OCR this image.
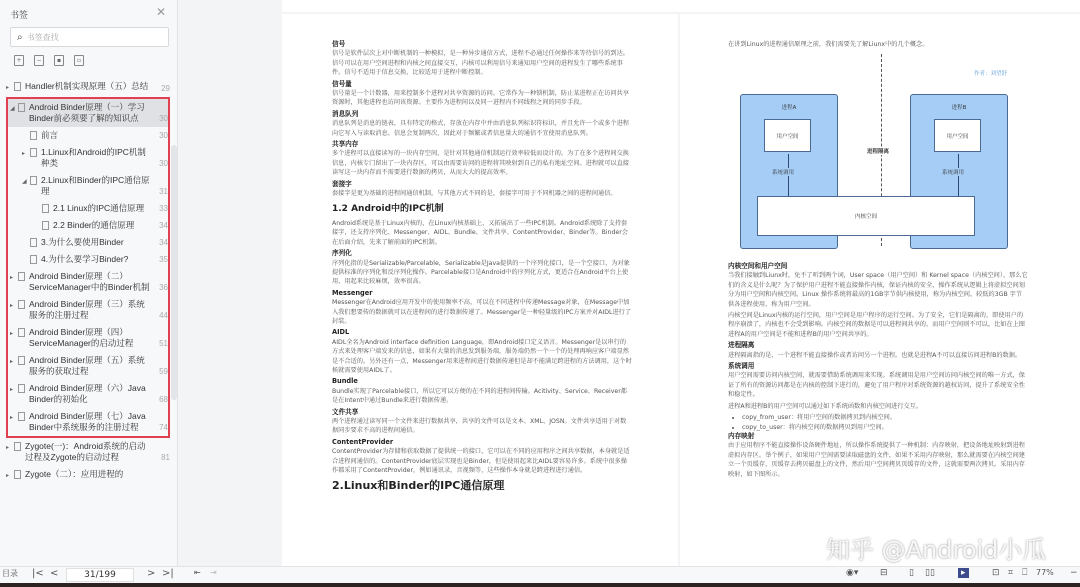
书签	✕
⌕ 书签查找
+	−	▪	▫
▸	Handler机制实现原理（五）总结	29
◢	Android Binder原理（一）学习Binder前必须要了解的知识点	30
前言	30
▸	1.Linux和Android的IPC机制种类	30
◢	2.Linux和Binder的IPC通信原理	31
2.1 Linux的IPC通信原理	33
2.2 Binder的通信原理	34
3.为什么要使用Binder	34
4.为什么要学习Binder?	35
▸	Android Binder原理（二）ServiceManager中的Binder机制	36
▸	Android Binder原理（三）系统服务的注册过程	44
▸	Android Binder原理（四）ServiceManager的启动过程	51
▸	Android Binder原理（五）系统服务的获取过程	59
▸	Android Binder原理（六）Java Binder的初始化	68
▸	Android Binder原理（七）Java Binder中系统服务的注册过程	74
▸	Zygote(一)：Android系统的启动过程及Zygote的启动过程	81
▸	Zygote（二）：应用进程的
信号

信号是软件层次上对中断机制的一种模拟，是一种异步通信方式，进程不必通过任何操作来等待信号的到达。信号可以在用户空间进程和内核之间直接交互，内核可以利用信号来通知用户空间的进程发生了哪些系统事件。信号不适用于信息交换，比较适用于进程中断控制。

信号量

信号量是一个计数器，用来控制多个进程对共享资源的访问。它常作为一种锁机制，防止某进程正在访问共享资源时，其他进程也访问该资源。主要作为进程间以及同一进程内不同线程之间的同步手段。

消息队列

消息队列是消息的链表，具有特定的格式，存放在内存中并由消息队列标识符标识，并且允许一个或多个进程向它写入与读取消息。信息会复制两次，因此对于频繁或者信息量大的通信不宜使用消息队列。

共享内存

多个进程可以直接读写的一块内存空间，是针对其他通信机制运行效率较低而设计的。为了在多个进程间交换信息，内核专门留出了一块内存区，可以由需要访问的进程将其映射到自己的私有地址空间。进程就可以直接读写这一块内存而不需要进行数据的拷贝，从而大大的提高效率。

套接字

套接字是更为基础的进程间通信机制，与其他方式不同的是，套接字可用于不同机器之间的进程间通信。

1.2 Android中的IPC机制

Android系统是基于Linux内核的，在Linux内核基础上，又拓展出了一些IPC机制。Android系统除了支持套接字，还支持序列化、Messenger、AIDL、Bundle、文件共享、ContentProvider、Binder等。Binder会在后面介绍，先来了解前面的IPC机制。

序列化

序列化指的是Serializable/Parcelable，Serializable是Java提供的一个序列化接口，是一个空接口，为对象提供标准的序列化和反序列化操作。Parcelable接口是Android中的序列化方式，更适合在Android平台上使用，用起来比较麻烦，效率很高。

Messenger

Messenger在Android应用开发中的使用频率不高，可以在不同进程中传递Message对象，在Message中加入我们想要传的数据就可以在进程间的进行数据传递了。Messenger是一种轻量级的IPC方案并对AIDL进行了封装。

AIDL

AIDL全名为Android interface definition Language，即Android接口定义语言。Messenger是以串行的方式来处理客户端发来的信息，如果有大量的消息发到服务端，服务端仍然一个一个的处理再响应客户端显然是不合适的。另外还有一点，Messenger用来进程间进行数据传递但是却不能满足跨进程的方法调用，这个时候就需要使用AIDL了。

Bundle

Bundle实现了Parcelable接口，所以它可以方便的在不同的进程间传输。Acitivity、Service、Receiver都是在Intent中通过Bundle来进行数据传递。

文件共享

两个进程通过读写同一个文件来进行数据共享，共享的文件可以是文本、XML、JOSN。文件共享适用于对数据同步要求不高的进程间通信。

ContentProvider

ContentProvider为存储和获取数据了提供统一的接口，它可以在不同的应用程序之间共享数据，本身就是适合进程间通信的。ContentProvider底层实现也是Binder，但是使用起来比AIDL要容易许多。系统中很多操作都采用了ContentProvider，例如通讯录，音视频等，这些操作本身就是跨进程进行通信。

2.Linux和Binder的IPC通信原理
在讲到Linux的进程通信原理之前，我们需要先了解Liunx中的几个概念。
作者：刘望舒
进程A	进程B
用户空间	用户空间
系统调用	系统调用
进程隔离
内核空间
内核空间和用户空间

当我们接触到Liunx时，免不了听到两个词，User space（用户空间）和 Kernel space（内核空间），那么它们的含义是什么呢？为了保护用户进程不能直接操作内核，保证内核的安全，操作系统从逻辑上将虚拟空间划分为用户空间和内核空间。Linux 操作系统将最高的1GB字节供内核使用，称为内核空间，较低的3GB 字节供各进程使用，称为用户空间。

内核空间是Linux内核的运行空间，用户空间是用户程序的运行空间。为了安全，它们是隔离的，即使用户的程序崩溃了，内核也不会受到影响。内核空间的数据是可以进程间共享的，而用户空间则不可以。比如在上图进程A的用户空间是不能和进程B的用户空间共享的。

进程隔离

进程隔离指的是，一个进程不能直接操作或者访问另一个进程。也就是进程A不可以直接访问进程B的数据。

系统调用

用户空间需要访问内核空间，就需要借助系统调用来实现。系统调用是用户空间访问内核空间的唯一方式，保证了所有的资源访问都是在内核的控制下进行的，避免了用户程序对系统资源的越权访问，提升了系统安全性和稳定性。

进程A和进程B的用户空间可以通过如下系统函数和内核空间进行交互。

• copy_from_user：将用户空间的数据拷贝到内核空间。
• copy_to_user：将内核空间的数据拷贝到用户空间。
内存映射

由于应用程序不能直接操作设备硬件地址，所以操作系统提供了一种机制：内存映射，把设备地址映射到进程虚拟内存区。举个例子，如果用户空间需要读取磁盘的文件，如果不采用内存映射，那么就需要在内核空间建立一个页缓存，页缓存去拷贝磁盘上的文件，然后用户空间拷贝页缓存的文件，这就需要两次拷贝。采用内存映射，如下图所示。

知乎 @Android小瓜
目录 |< <	31/199	> >|	⇤ ⇥	◉▾ ⊟ ▯ ▯▯	▸	⊡ ⌗ ⎕ 77% −
